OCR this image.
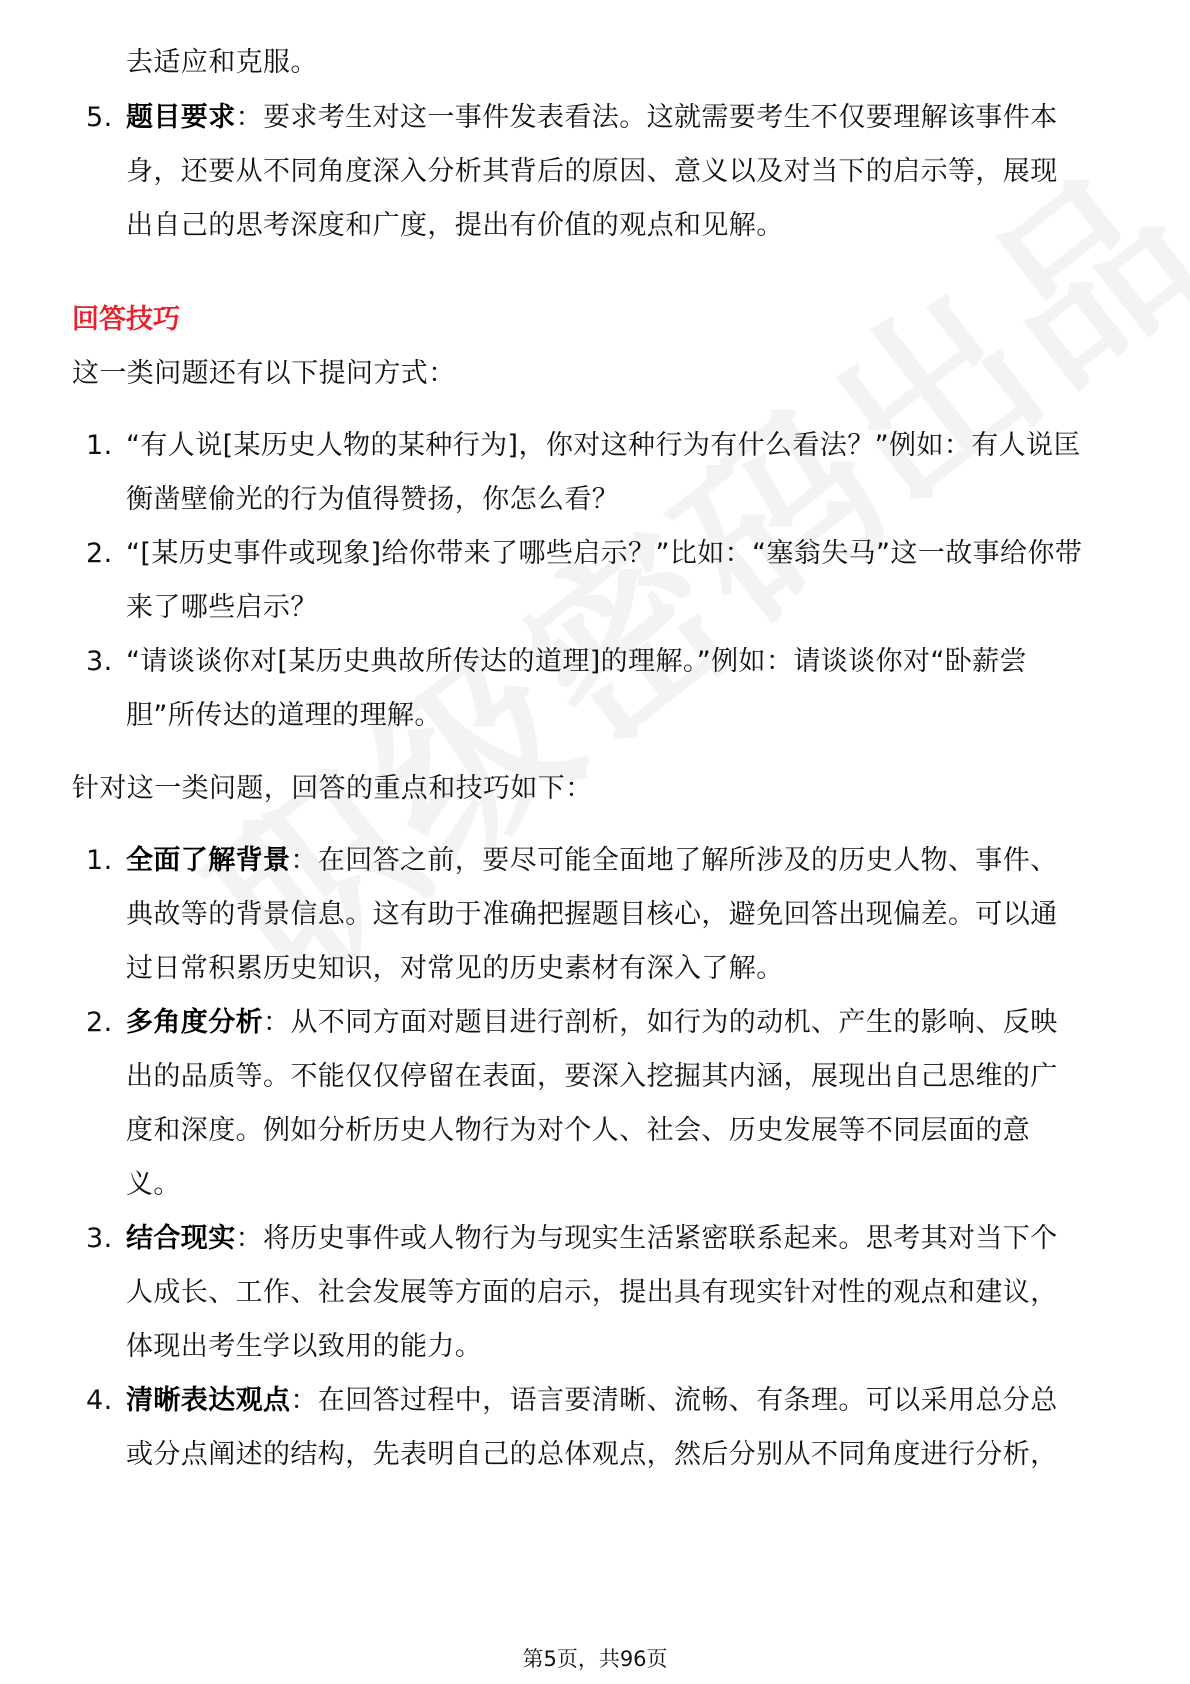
去适应和克服。
5. 题目要求：要求考生对这一事件发表看法。这就需要考生不仅要理解该事件本
身，还要从不同角度深入分析其背后的原因、意义以及对当下的启示等，展现
出自己的思考深度和广度，提出有价值的观点和见解。
回答技巧
这一类问题还有以下提问方式：
1. “有人说[某历史人物的某种行为]，你对这种行为有什么看法？”例如：有人说匡
衡凿壁偷光的行为值得赞扬，你怎么看？
2. “[某历史事件或现象]给你带来了哪些启示？”比如：“塞翁失马”这一故事给你带
来了哪些启示？
3. “请谈谈你对[某历史典故所传达的道理]的理解。”例如：请谈谈你对“卧薪尝
胆”所传达的道理的理解。
针对这一类问题，回答的重点和技巧如下：
1. 全面了解背景：在回答之前，要尽可能全面地了解所涉及的历史人物、事件、
典故等的背景信息。这有助于准确把握题目核心，避免回答出现偏差。可以通
过日常积累历史知识，对常见的历史素材有深入了解。
2. 多角度分析：从不同方面对题目进行剖析，如行为的动机、产生的影响、反映
出的品质等。不能仅仅停留在表面，要深入挖掘其内涵，展现出自己思维的广
度和深度。例如分析历史人物行为对个人、社会、历史发展等不同层面的意
义。
3. 结合现实：将历史事件或人物行为与现实生活紧密联系起来。思考其对当下个
人成长、工作、社会发展等方面的启示，提出具有现实针对性的观点和建议，
体现出考生学以致用的能力。
4. 清晰表达观点：在回答过程中，语言要清晰、流畅、有条理。可以采用总分总
或分点阐述的结构，先表明自己的总体观点，然后分别从不同角度进行分析，
第5页，共96页
